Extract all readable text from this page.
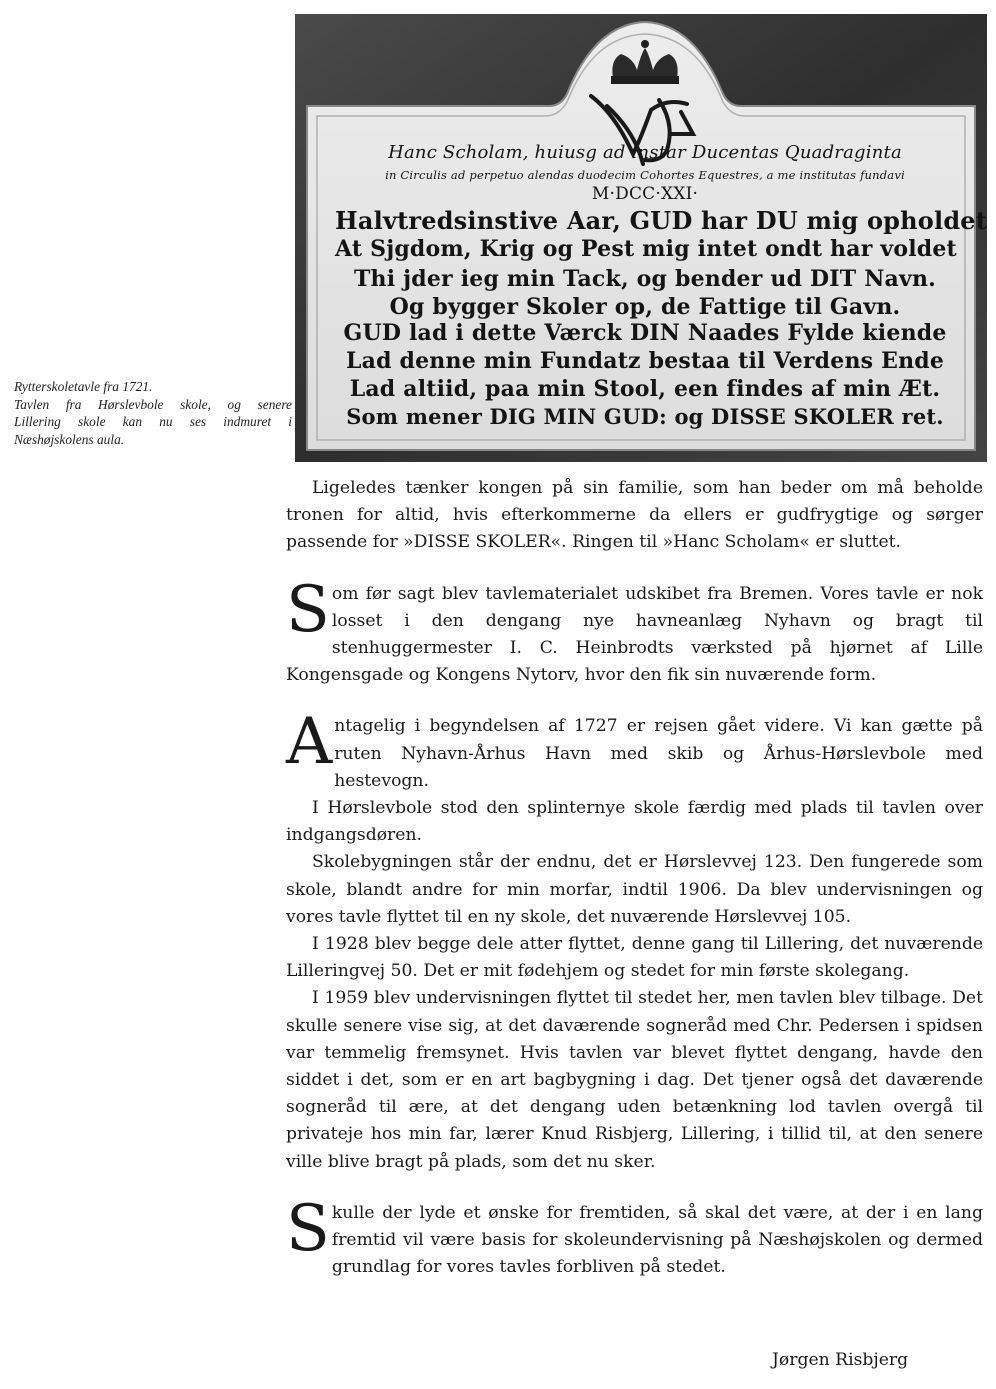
Rytterskoletavle fra 1721.
Tavlen fra Hørslevbole skole, og senere
Lillering skole kan nu ses indmuret i
Næshøjskolens aula.
Hanc Scholam, huiusg ad instar Ducentas Quadraginta
in Circulis ad perpetuo alendas duodecim Cohortes Equestres, a me institutas fundavi
M·DCC·XXI·
Halvtredsinstive Aar, GUD har DU mig opholdet
At Sjgdom, Krig og Pest mig intet ondt har voldet
Thi jder ieg min Tack, og bender ud DIT Navn.
Og bygger Skoler op, de Fattige til Gavn.
GUD lad i dette Værck DIN Naades Fylde kiende
Lad denne min Fundatz bestaa til Verdens Ende
Lad altiid, paa min Stool, een findes af min Æt.
Som mener DIG MIN GUD: og DISSE SKOLER ret.

Ligeledes tænker kongen på sin familie, som han beder om må beholde tronen for altid, hvis efterkommerne da ellers er gudfrygtige og sørger passende for »DISSE SKOLER«. Ringen til »Hanc Scholam« er sluttet.

Som før sagt blev tavlematerialet udskibet fra Bremen. Vores tavle er nok losset i den dengang nye havneanlæg Nyhavn og bragt til stenhuggermester I. C. Heinbrodts værksted på hjørnet af Lille Kongensgade og Kongens Nytorv, hvor den fik sin nuværende form.

Antagelig i begyndelsen af 1727 er rejsen gået videre. Vi kan gætte på ruten Nyhavn-Århus Havn med skib og Århus-Hørslevbole med hestevogn.

I Hørslevbole stod den splinternye skole færdig med plads til tavlen over indgangsdøren.

Skolebygningen står der endnu, det er Hørslevvej 123. Den fungerede som skole, blandt andre for min morfar, indtil 1906. Da blev undervisningen og vores tavle flyttet til en ny skole, det nuværende Hørslevvej 105.

I 1928 blev begge dele atter flyttet, denne gang til Lillering, det nuværende Lilleringvej 50. Det er mit fødehjem og stedet for min første skolegang.

I 1959 blev undervisningen flyttet til stedet her, men tavlen blev tilbage. Det skulle senere vise sig, at det daværende sogneråd med Chr. Pedersen i spidsen var temmelig fremsynet. Hvis tavlen var blevet flyttet dengang, havde den siddet i det, som er en art bagbygning i dag. Det tjener også det daværende sogneråd til ære, at det dengang uden betænkning lod tavlen overgå til privateje hos min far, lærer Knud Risbjerg, Lillering, i tillid til, at den senere ville blive bragt på plads, som det nu sker.

Skulle der lyde et ønske for fremtiden, så skal det være, at der i en lang fremtid vil være basis for skoleundervisning på Næshøjskolen og dermed grundlag for vores tavles forbliven på stedet.

Jørgen Risbjerg
